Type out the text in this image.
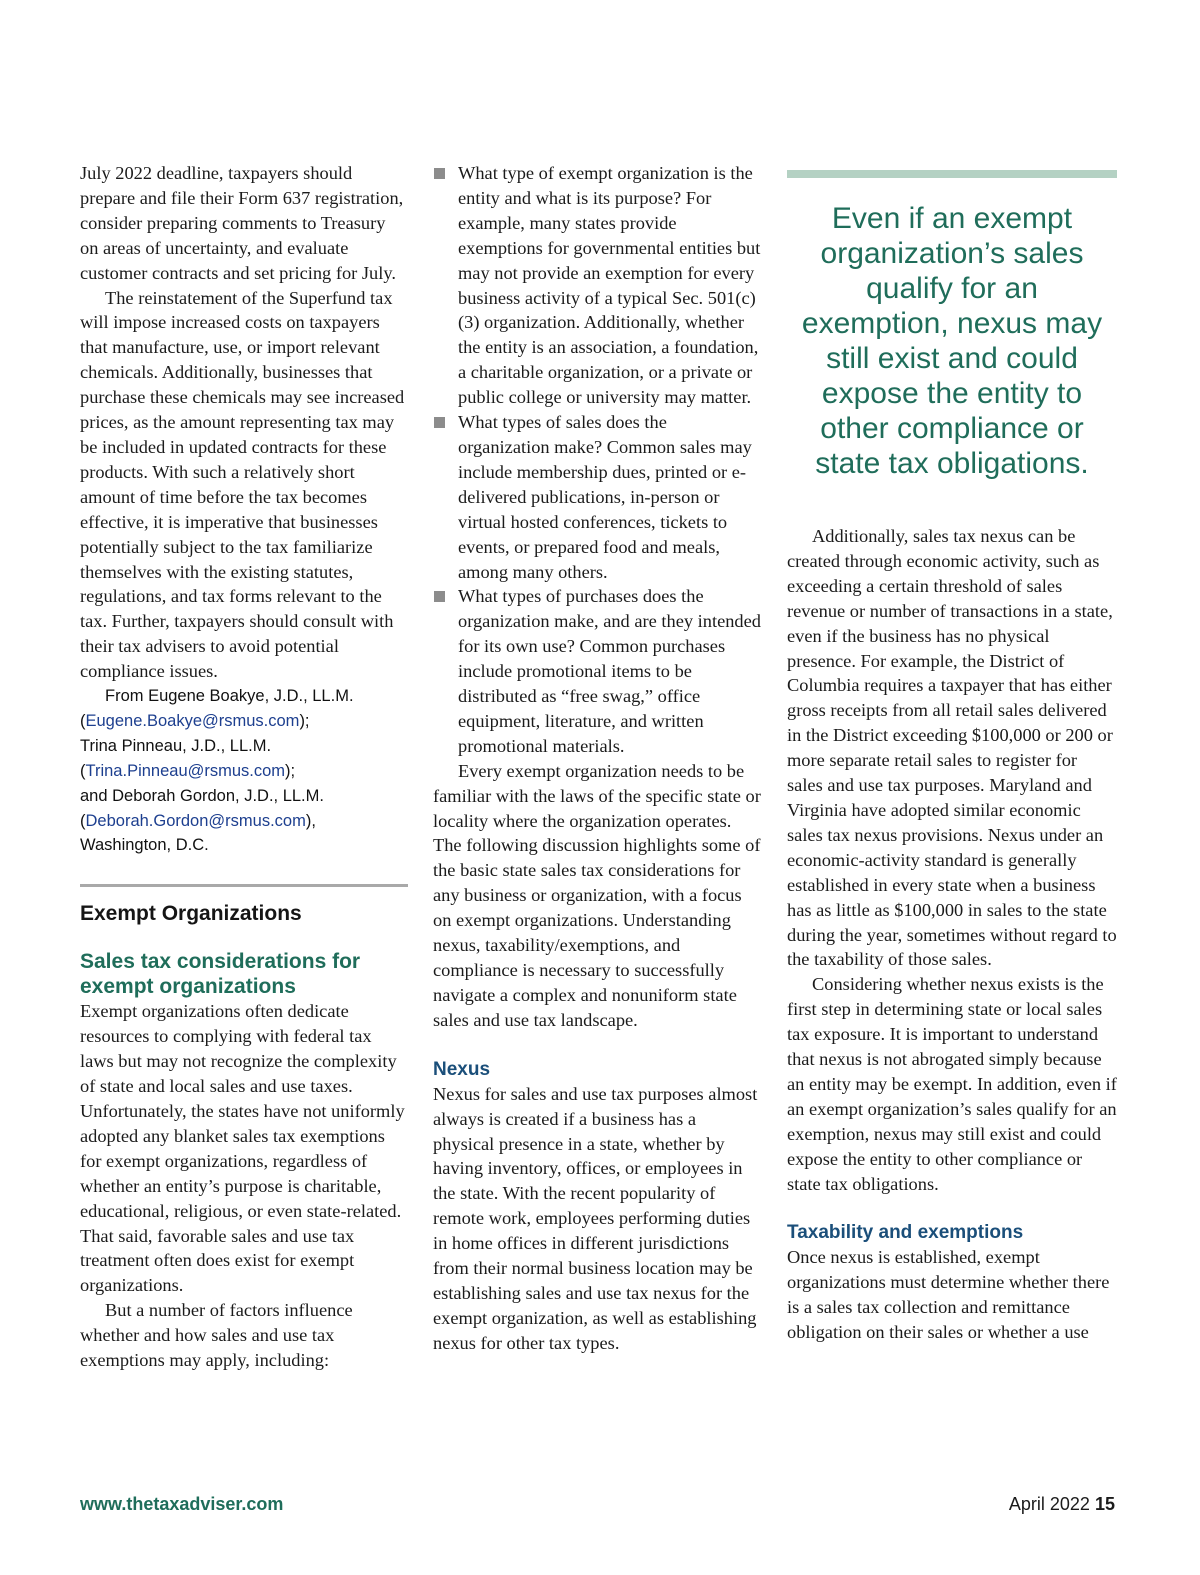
July 2022 deadline, taxpayers should prepare and file their Form 637 registration, consider preparing comments to Treasury on areas of uncertainty, and evaluate customer contracts and set pricing for July.

The reinstatement of the Superfund tax will impose increased costs on taxpayers that manufacture, use, or import relevant chemicals. Additionally, businesses that purchase these chemicals may see increased prices, as the amount representing tax may be included in updated contracts for these products. With such a relatively short amount of time before the tax becomes effective, it is imperative that businesses potentially subject to the tax familiarize themselves with the existing statutes, regulations, and tax forms relevant to the tax. Further, taxpayers should consult with their tax advisers to avoid potential compliance issues.

From Eugene Boakye, J.D., LL.M.
(Eugene.Boakye@rsmus.com);
Trina Pinneau, J.D., LL.M.
(Trina.Pinneau@rsmus.com);
and Deborah Gordon, J.D., LL.M.
(Deborah.Gordon@rsmus.com),
Washington, D.C.
Exempt Organizations
Sales tax considerations for exempt organizations

Exempt organizations often dedicate resources to complying with federal tax laws but may not recognize the complexity of state and local sales and use taxes. Unfortunately, the states have not uniformly adopted any blanket sales tax exemptions for exempt organizations, regardless of whether an entity’s purpose is charitable, educational, religious, or even state-related. That said, favorable sales and use tax treatment often does exist for exempt organizations.

But a number of factors influence whether and how sales and use tax exemptions may apply, including:

What type of exempt organization is the entity and what is its purpose? For example, many states provide exemptions for governmental entities but may not provide an exemption for every business activity of a typical Sec. 501(c)(3) organization. Additionally, whether the entity is an association, a foundation, a charitable organization, or a private or public college or university may matter.
What types of sales does the organization make? Common sales may include membership dues, printed or e-delivered publications, in-person or virtual hosted conferences, tickets to events, or prepared food and meals, among many others.
What types of purchases does the organization make, and are they intended for its own use? Common purchases include promotional items to be distributed as “free swag,” office equipment, literature, and written promotional materials.

Every exempt organization needs to be familiar with the laws of the specific state or locality where the organization operates. The following discussion highlights some of the basic state sales tax considerations for any business or organization, with a focus on exempt organizations. Understanding nexus, taxability/exemptions, and compliance is necessary to successfully navigate a complex and nonuniform state sales and use tax landscape.

Nexus

Nexus for sales and use tax purposes almost always is created if a business has a physical presence in a state, whether by having inventory, offices, or employees in the state. With the recent popularity of remote work, employees performing duties in home offices in different jurisdictions from their normal business location may be establishing sales and use tax nexus for the exempt organization, as well as establishing nexus for other tax types.

Even if an exempt organization’s sales qualify for an exemption, nexus may still exist and could expose the entity to other compliance or state tax obligations.

Additionally, sales tax nexus can be created through economic activity, such as exceeding a certain threshold of sales revenue or number of transactions in a state, even if the business has no physical presence. For example, the District of Columbia requires a taxpayer that has either gross receipts from all retail sales delivered in the District exceeding $100,000 or 200 or more separate retail sales to register for sales and use tax purposes. Maryland and Virginia have adopted similar economic sales tax nexus provisions. Nexus under an economic-activity standard is generally established in every state when a business has as little as $100,000 in sales to the state during the year, sometimes without regard to the taxability of those sales.

Considering whether nexus exists is the first step in determining state or local sales tax exposure. It is important to understand that nexus is not abrogated simply because an entity may be exempt. In addition, even if an exempt organization’s sales qualify for an exemption, nexus may still exist and could expose the entity to other compliance or state tax obligations.

Taxability and exemptions

Once nexus is established, exempt organizations must determine whether there is a sales tax collection and remittance obligation on their sales or whether a use

www.thetaxadviser.com	April 2022 15
